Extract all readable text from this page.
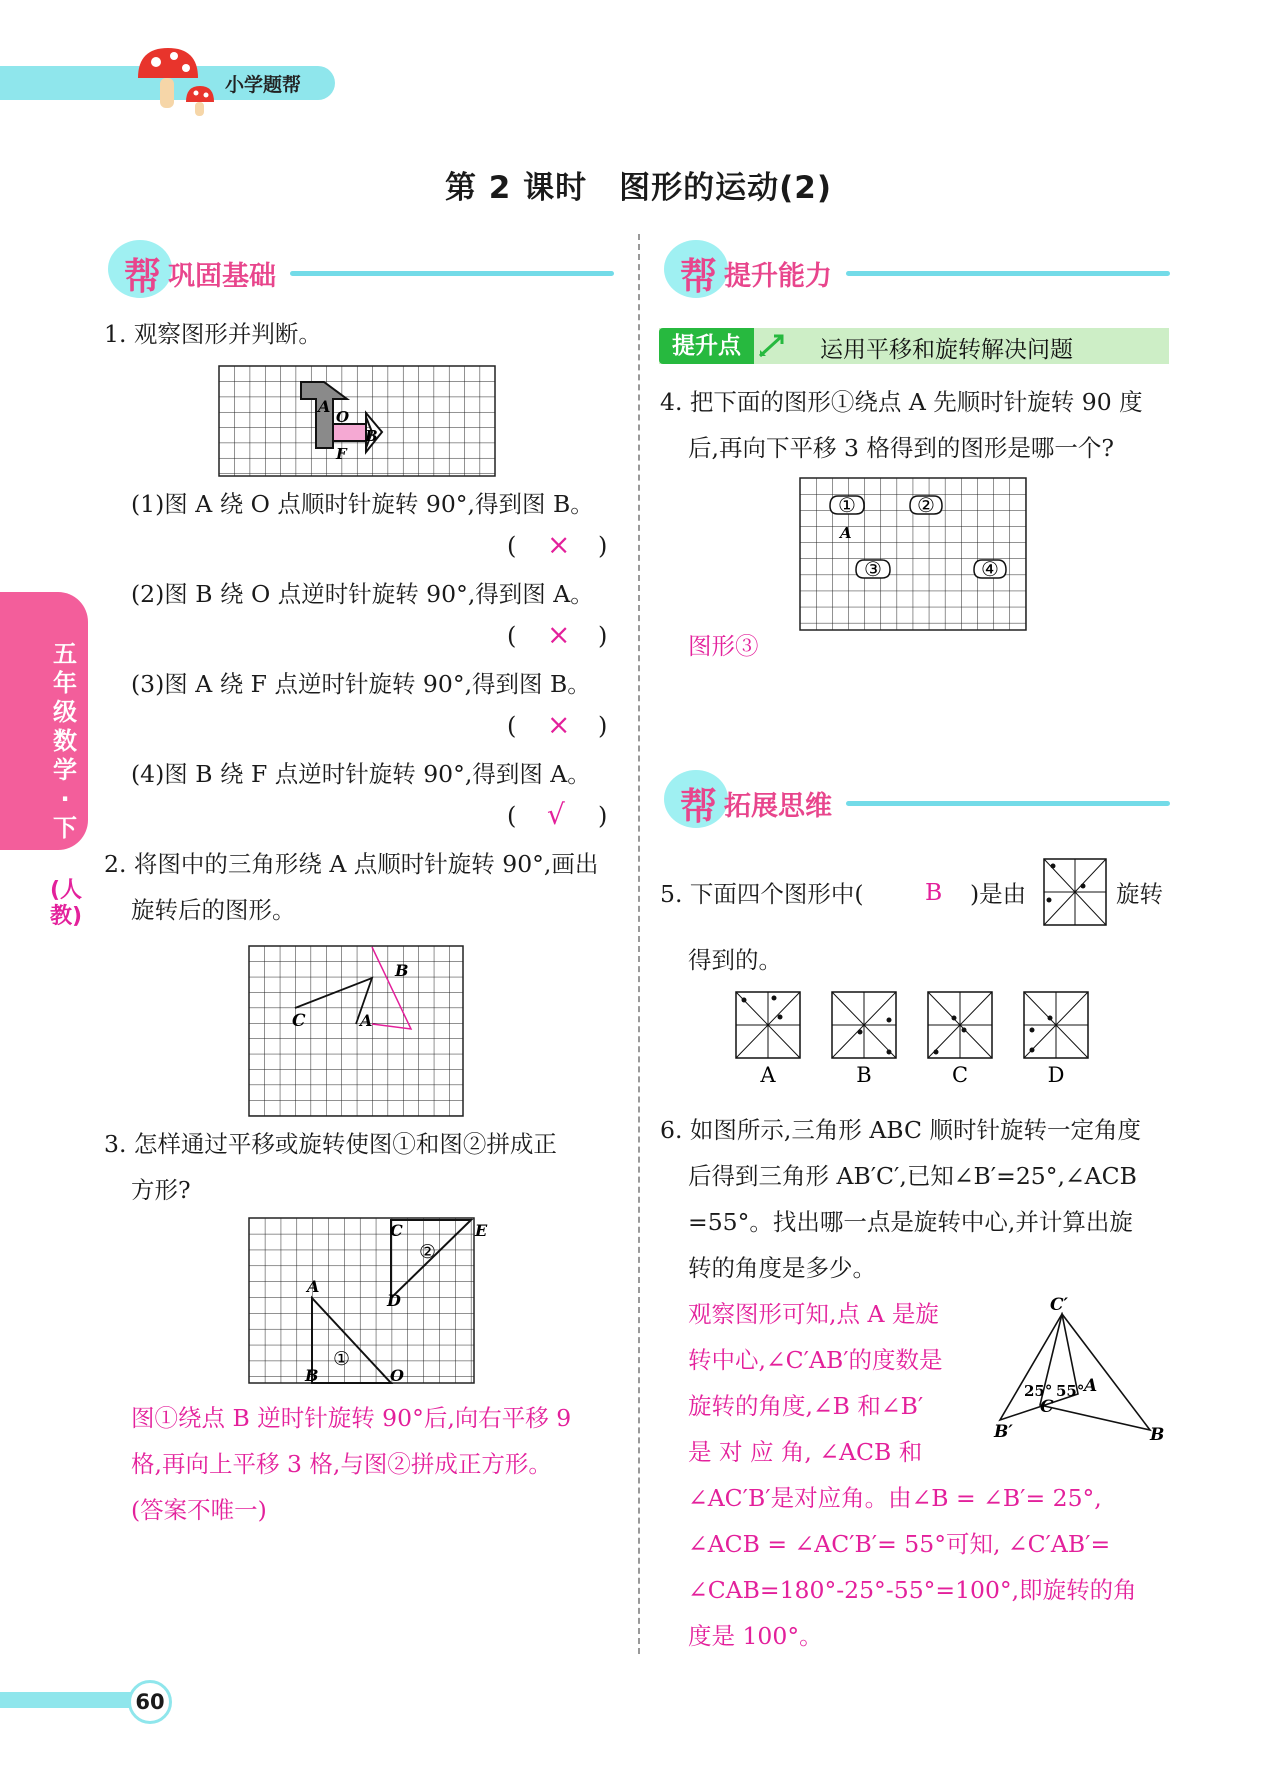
小学题帮
第 2 课时　图形的运动(2)
五年级数学·下
(人教)
帮 巩固基础
1. 观察图形并判断。
A
O
B
F
(1)图 A 绕 O 点顺时针旋转 90°,得到图 B。
( × )
(2)图 B 绕 O 点逆时针旋转 90°,得到图 A。
( × )
(3)图 A 绕 F 点逆时针旋转 90°,得到图 B。
( × )
(4)图 B 绕 F 点逆时针旋转 90°,得到图 A。
( √ )
2. 将图中的三角形绕 A 点顺时针旋转 90°,画出
旋转后的图形。
B
C	A
3. 怎样通过平移或旋转使图①和图②拼成正
方形?
C	E
A
D
B	O
①
②
图①绕点 B 逆时针旋转 90°后,向右平移 9
格,再向上平移 3 格,与图②拼成正方形。
(答案不唯一)
帮 提升能力
提升点	运用平移和旋转解决问题
4. 把下面的图形①绕点 A 先顺时针旋转 90 度
后,再向下平移 3 格得到的图形是哪一个?
①	②
③	④
A
图形③
帮 拓展思维
5. 下面四个图形中(	B )是由	旋转
得到的。
A	B	C	D
6. 如图所示,三角形 ABC 顺时针旋转一定角度
后得到三角形 AB′C′,已知∠B′=25°,∠ACB
=55°。找出哪一点是旋转中心,并计算出旋
转的角度是多少。
观察图形可知,点 A 是旋
转中心,∠C′AB′的度数是
旋转的角度,∠B 和∠B′
是 对 应 角, ∠ACB 和
∠AC′B′是对应角。由∠B = ∠B′= 25°,
∠ACB = ∠AC′B′= 55°可知, ∠C′AB′=
∠CAB=180°-25°-55°=100°,即旋转的角
度是 100°。
C′
A
25° 55°
C
B′	B
60
